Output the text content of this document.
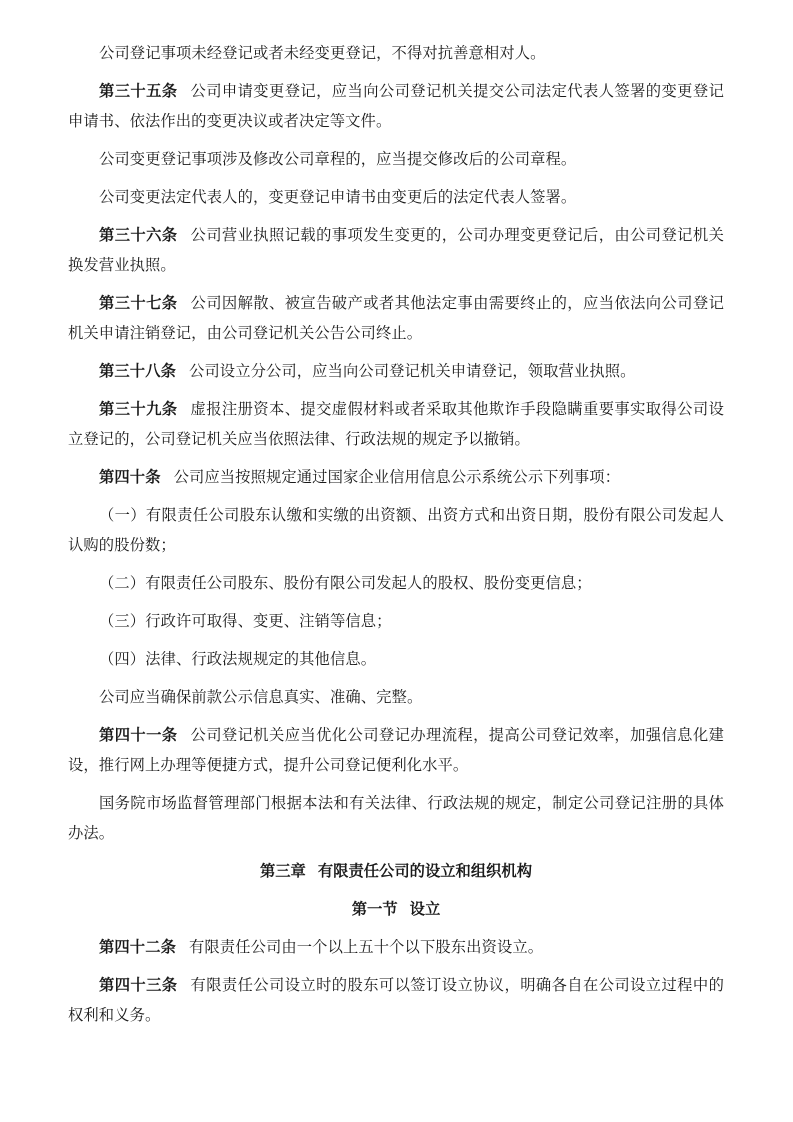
公司登记事项未经登记或者未经变更登记，不得对抗善意相对人。

第三十五条 公司申请变更登记，应当向公司登记机关提交公司法定代表人签署的变更登记申请书、依法作出的变更决议或者决定等文件。

公司变更登记事项涉及修改公司章程的，应当提交修改后的公司章程。

公司变更法定代表人的，变更登记申请书由变更后的法定代表人签署。

第三十六条 公司营业执照记载的事项发生变更的，公司办理变更登记后，由公司登记机关换发营业执照。

第三十七条 公司因解散、被宣告破产或者其他法定事由需要终止的，应当依法向公司登记机关申请注销登记，由公司登记机关公告公司终止。

第三十八条 公司设立分公司，应当向公司登记机关申请登记，领取营业执照。

第三十九条 虚报注册资本、提交虚假材料或者采取其他欺诈手段隐瞒重要事实取得公司设立登记的，公司登记机关应当依照法律、行政法规的规定予以撤销。

第四十条 公司应当按照规定通过国家企业信用信息公示系统公示下列事项：

（一）有限责任公司股东认缴和实缴的出资额、出资方式和出资日期，股份有限公司发起人认购的股份数；

（二）有限责任公司股东、股份有限公司发起人的股权、股份变更信息；

（三）行政许可取得、变更、注销等信息；

（四）法律、行政法规规定的其他信息。

公司应当确保前款公示信息真实、准确、完整。

第四十一条 公司登记机关应当优化公司登记办理流程，提高公司登记效率，加强信息化建设，推行网上办理等便捷方式，提升公司登记便利化水平。

国务院市场监督管理部门根据本法和有关法律、行政法规的规定，制定公司登记注册的具体办法。

第三章 有限责任公司的设立和组织机构
第一节 设立

第四十二条 有限责任公司由一个以上五十个以下股东出资设立。

第四十三条 有限责任公司设立时的股东可以签订设立协议，明确各自在公司设立过程中的权利和义务。
